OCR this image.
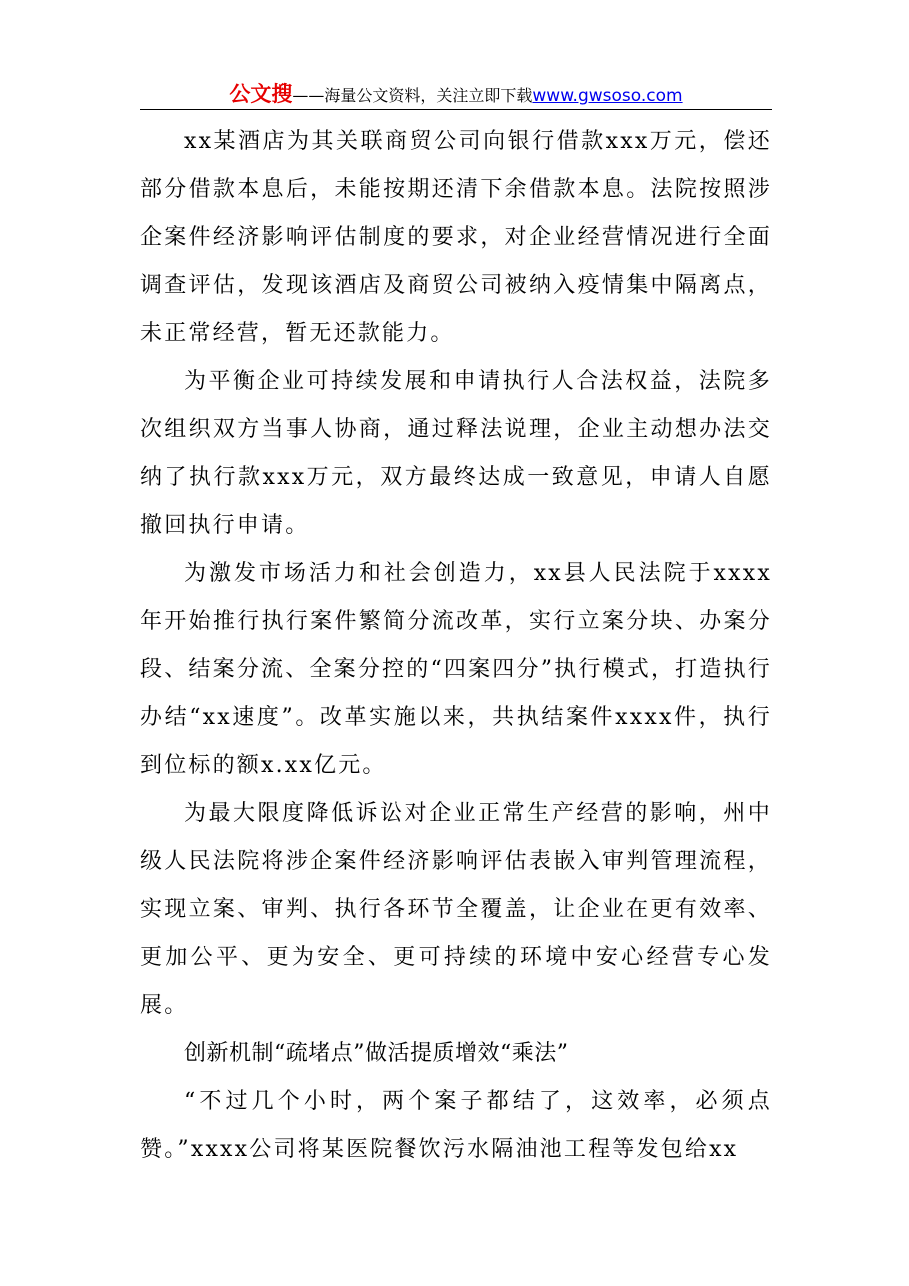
公文搜——海量公文资料，关注立即下载www.gwsoso.com

xx某酒店为其关联商贸公司向银行借款xxx万元，偿还部分借款本息后，未能按期还清下余借款本息。法院按照涉企案件经济影响评估制度的要求，对企业经营情况进行全面调查评估，发现该酒店及商贸公司被纳入疫情集中隔离点，未正常经营，暂无还款能力。

为平衡企业可持续发展和申请执行人合法权益，法院多次组织双方当事人协商，通过释法说理，企业主动想办法交纳了执行款xxx万元，双方最终达成一致意见，申请人自愿撤回执行申请。

为激发市场活力和社会创造力，xx县人民法院于xxxx年开始推行执行案件繁简分流改革，实行立案分块、办案分段、结案分流、全案分控的“四案四分”执行模式，打造执行办结“xx速度”。改革实施以来，共执结案件xxxx件，执行到位标的额x.xx亿元。

为最大限度降低诉讼对企业正常生产经营的影响，州中级人民法院将涉企案件经济影响评估表嵌入审判管理流程，实现立案、审判、执行各环节全覆盖，让企业在更有效率、更加公平、更为安全、更可持续的环境中安心经营专心发展。

创新机制“疏堵点”做活提质增效“乘法”

“不过几个小时，两个案子都结了，这效率，必须点赞。”xxxx公司将某医院餐饮污水隔油池工程等发包给xx
